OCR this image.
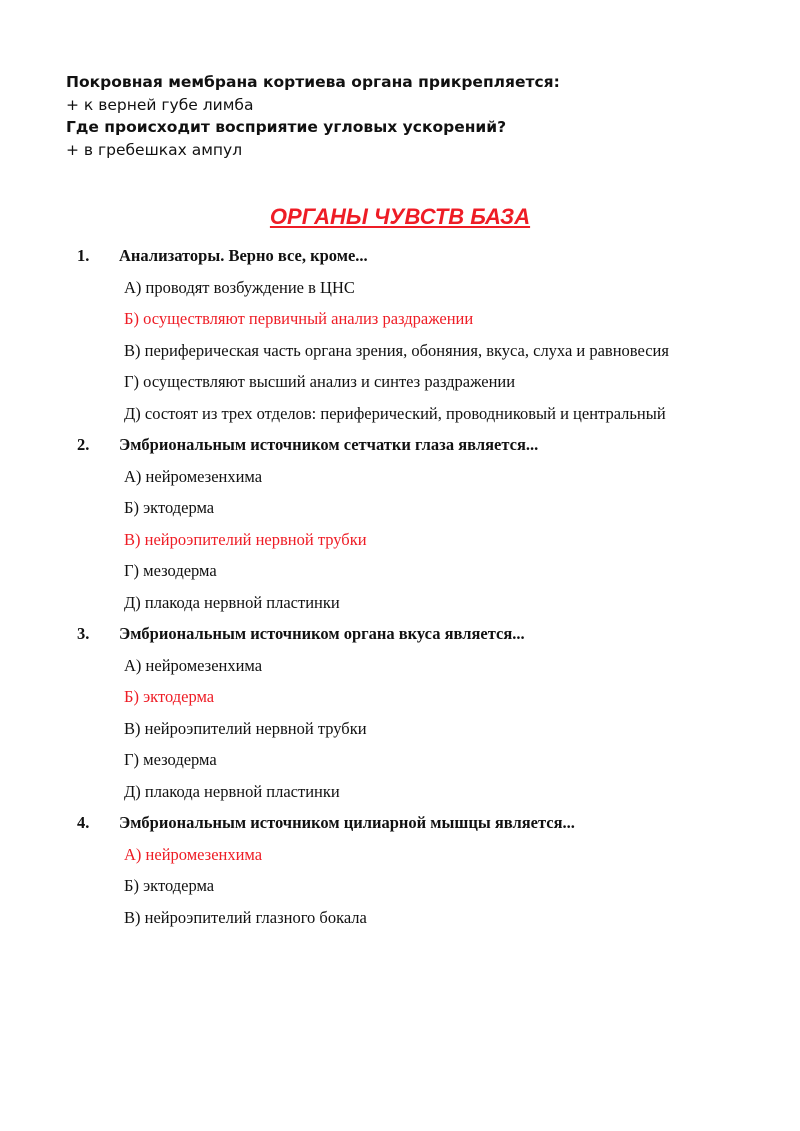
Покровная мембрана кортиева органа прикрепляется:
+ к верней губе лимба
Где происходит восприятие угловых ускорений?
+ в гребешках ампул
ОРГАНЫ ЧУВСТВ БАЗА
1. Анализаторы. Верно все, кроме...
А) проводят возбуждение в ЦНС
Б) осуществляют первичный анализ раздражении
В) периферическая часть органа зрения, обоняния, вкуса, слуха и равновесия
Г) осуществляют высший анализ и синтез раздражении
Д) состоят из трех отделов: периферический, проводниковый и центральный
2. Эмбриональным источником сетчатки глаза является...
А) нейромезенхима
Б) эктодерма
В) нейроэпителий нервной трубки
Г) мезодерма
Д) плакода нервной пластинки
3. Эмбриональным источником органа вкуса является...
А) нейромезенхима
Б) эктодерма
В) нейроэпителий нервной трубки
Г) мезодерма
Д) плакода нервной пластинки
4. Эмбриональным источником цилиарной мышцы является...
А) нейромезенхима
Б) эктодерма
В) нейроэпителий глазного бокала
